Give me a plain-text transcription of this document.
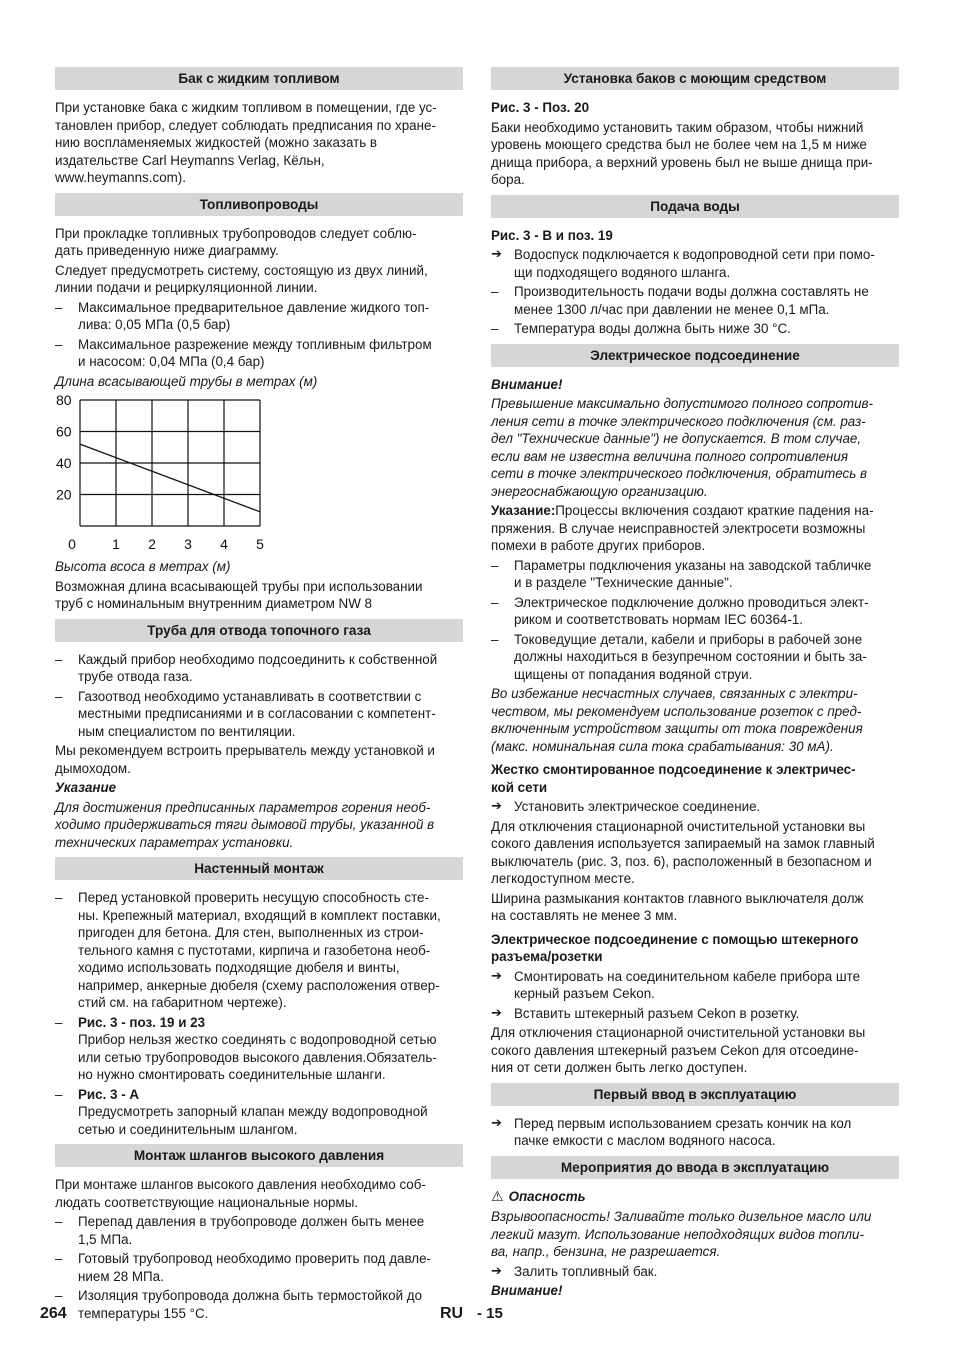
Бак с жидким топливом

При установке бака с жидким топливом в помещении, где ус-
тановлен прибор, следует соблюдать предписания по хране-
нию воспламеняемых жидкостей (можно заказать в
издательстве Carl Heymanns Verlag, Кёльн,
www.heymanns.com).

Топливопроводы

При прокладке топливных трубопроводов следует соблю-
дать приведенную ниже диаграмму.

Следует предусмотреть систему, состоящую из двух линий,
линии подачи и рециркуляционной линии.

– Максимальное предварительное давление жидкого топ-
лива: 0,05 МПа (0,5 бар)
– Максимальное разрежение между топливным фильтром
и насосом: 0,04 МПа (0,4 бар)

Длина всасывающей трубы в метрах (м)

20
40
60
80
0	1 2 3 4 5

Высота всоса в метрах (м)

Возможная длина всасывающей трубы при использовании
труб с номинальным внутренним диаметром NW 8

Труба для отвода топочного газа
– Каждый прибор необходимо подсоединить к собственной
трубе отвода газа.
– Газоотвод необходимо устанавливать в соответствии с
местными предписаниями и в согласовании с компетент-
ным специалистом по вентиляции.

Мы рекомендуем встроить прерыватель между установкой и
дымоходом.

Указание

Для достижения предписанных параметров горения необ-
ходимо придерживаться тяги дымовой трубы, указанной в
технических параметрах установки.

Настенный монтаж
– Перед установкой проверить несущую способность сте-
ны. Крепежный материал, входящий в комплект поставки,
пригоден для бетона. Для стен, выполненных из строи-
тельного камня с пустотами, кирпича и газобетона необ-
ходимо использовать подходящие дюбеля и винты,
например, анкерные дюбеля (схему расположения отвер-
стий см. на габаритном чертеже).
– Рис. 3 - поз. 19 и 23
Прибор нельзя жестко соединять с водопроводной сетью
или сетью трубопроводов высокого давления.Обязатель-
но нужно смонтировать соединительные шланги.
– Рис. 3 - A
Предусмотреть запорный клапан между водопроводной
сетью и соединительным шлангом.
Монтаж шлангов высокого давления

При монтаже шлангов высокого давления необходимо соб-
людать соответствующие национальные нормы.

– Перепад давления в трубопроводе должен быть менее
1,5 МПа.
– Готовый трубопровод необходимо проверить под давле-
нием 28 МПа.
– Изоляция трубопровода должна быть термостойкой до
температуры 155 °C.
Установка баков с моющим средством

Рис. 3 - Поз. 20

Баки необходимо установить таким образом, чтобы нижний
уровень моющего средства был не более чем на 1,5 м ниже
днища прибора, а верхний уровень был не выше днища при-
бора.

Подача воды

Рис. 3 - B и поз. 19

➔ Водоспуск подключается к водопроводной сети при помо-
щи подходящего водяного шланга.
– Производительность подачи воды должна составлять не
менее 1300 л/час при давлении не менее 0,1 мПа.
– Температура воды должна быть ниже 30 °C.
Электрическое подсоединение

Внимание!

Превышение максимально допустимого полного сопротив-
ления сети в точке электрического подключения (см. раз-
дел "Технические данные") не допускается. В том случае,
если вам не известна величина полного сопротивления
сети в точке электрического подключения, обратитесь в
энергоснабжающую организацию.

Указание:Процессы включения создают краткие падения на-
пряжения. В случае неисправностей электросети возможны
помехи в работе других приборов.

– Параметры подключения указаны на заводской табличке
и в разделе "Технические данные".
– Электрическое подключение должно проводиться элект-
риком и соответствовать нормам IEC 60364-1.
– Токоведущие детали, кабели и приборы в рабочей зоне
должны находиться в безупречном состоянии и быть за-
щищены от попадания водяной струи.

Во избежание несчастных случаев, связанных с электри-
чеством, мы рекомендуем использование розеток с пред-
включенным устройством защиты от тока повреждения
(макс. номинальная сила тока срабатывания: 30 мА).

Жестко смонтированное подсоединение к электричес-
кой сети

➔ Установить электрическое соединение.

Для отключения стационарной очистительной установки вы
сокого давления используется запираемый на замок главный
выключатель (рис. 3, поз. 6), расположенный в безопасном и
легкодоступном месте.

Ширина размыкания контактов главного выключателя долж
на составлять не менее 3 мм.

Электрическое подсоединение с помощью штекерного
разъема/розетки

➔ Смонтировать на соединительном кабеле прибора ште
керный разъем Cekon.
➔ Вставить штекерный разъем Cekon в розетку.

Для отключения стационарной очистительной установки вы
сокого давления штекерный разъем Cekon для отсоедине-
ния от сети должен быть легко доступен.

Первый ввод в эксплуатацию
➔ Перед первым использованием срезать кончик на кол
пачке емкости с маслом водяного насоса.
Мероприятия до ввода в эксплуатацию

⚠ Опасность

Взрывоопасность! Заливайте только дизельное масло или
легкий мазут. Использование неподходящих видов топли-
ва, напр., бензина, не разрешается.

➔ Залить топливный бак.

Внимание!

264	RU - 15
